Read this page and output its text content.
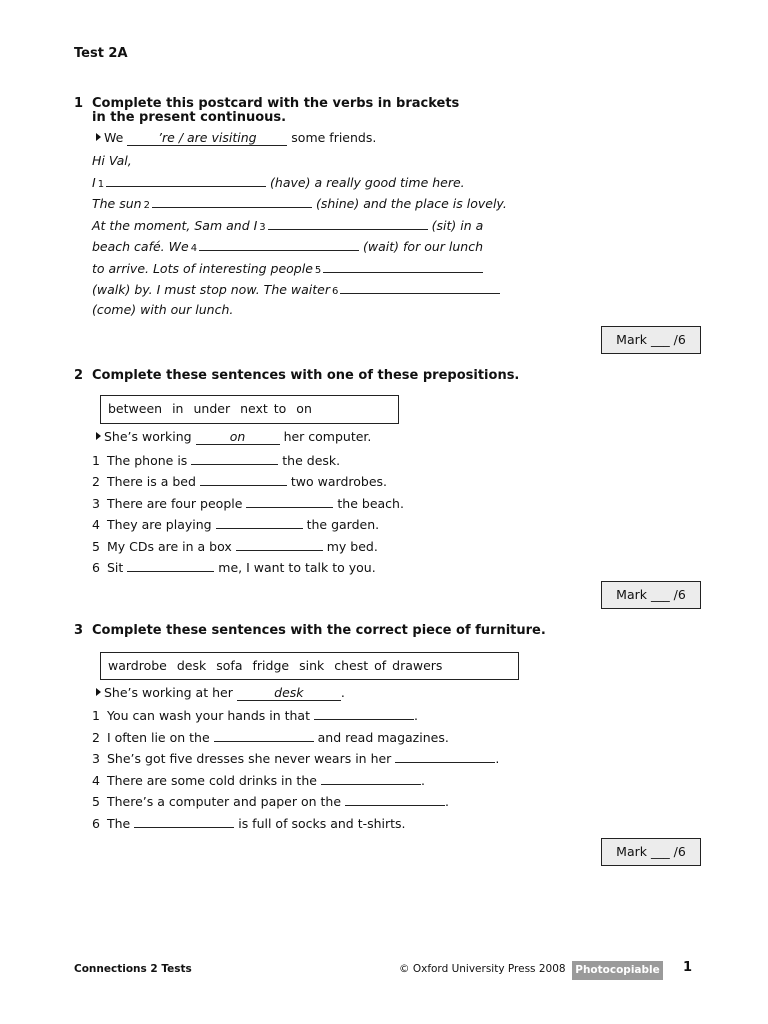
Test 2A
1 Complete this postcard with the verbs in brackets
in the present continuous.
We	’re / are visiting	some friends.
Hi Val,
I 1	(have) a really good time here.
The sun 2	(shine) and the place is lovely.
At the moment, Sam and I 3	(sit) in a
beach café. We 4	(wait) for our lunch
to arrive. Lots of interesting people 5
(walk) by. I must stop now. The waiter 6
(come) with our lunch.
Mark ___ /6
2 Complete these sentences with one of these prepositions.
between in under next to on
She’s working	on	her computer.
1 The phone is	the desk.
2 There is a bed	two wardrobes.
3 There are four people	the beach.
4 They are playing	the garden.
5 My CDs are in a box	my bed.
6 Sit	me, I want to talk to you.
Mark ___ /6
3 Complete these sentences with the correct piece of furniture.
wardrobe desk sofa fridge sink chest of drawers
She’s working at her	desk	.
1 You can wash your hands in that	.
2 I often lie on the	and read magazines.
3 She’s got five dresses she never wears in her	.
4 There are some cold drinks in the	.
5 There’s a computer and paper on the	.
6 The	is full of socks and t-shirts.
Mark ___ /6
Connections 2 Tests	© Oxford University Press 2008 Photocopiable 1
